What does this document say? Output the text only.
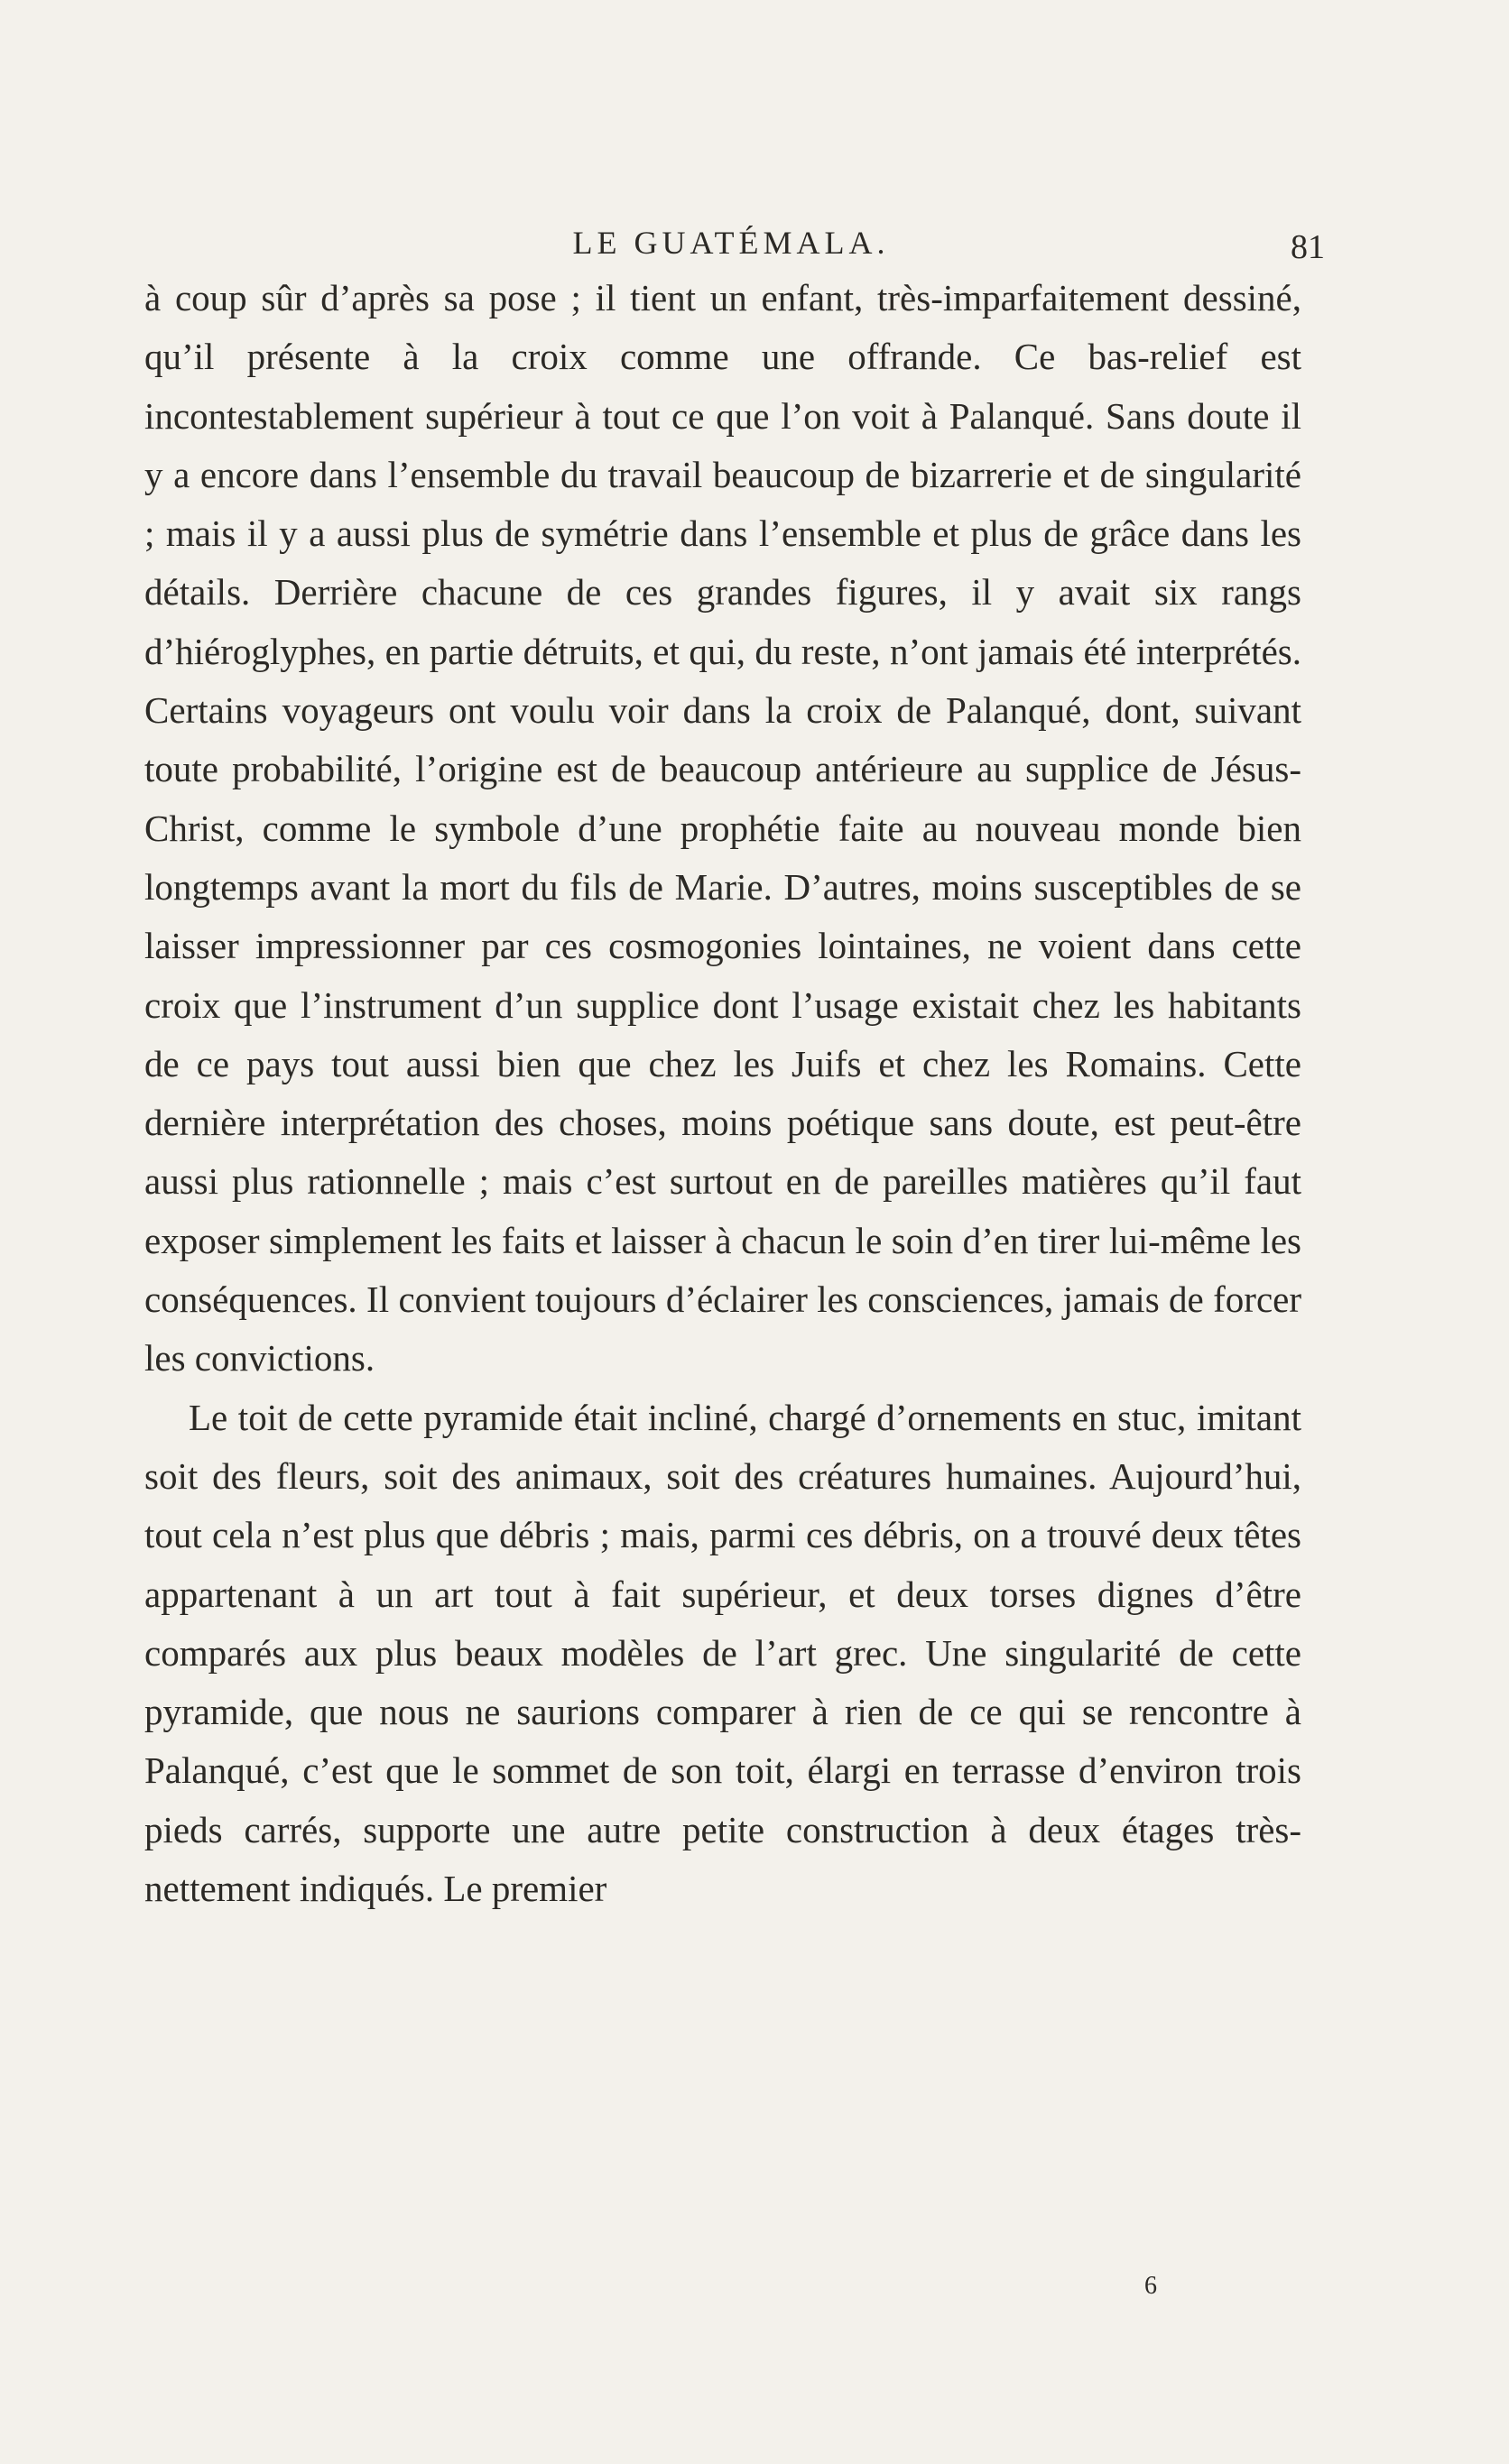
LE GUATÉMALA.	81

à coup sûr d’après sa pose ; il tient un enfant, très-imparfaitement dessiné, qu’il présente à la croix comme une offrande. Ce bas-relief est incontestablement supérieur à tout ce que l’on voit à Palanqué. Sans doute il y a encore dans l’ensemble du travail beaucoup de bizarrerie et de singularité ; mais il y a aussi plus de symétrie dans l’ensemble et plus de grâce dans les détails. Derrière chacune de ces grandes figures, il y avait six rangs d’hiéroglyphes, en partie détruits, et qui, du reste, n’ont jamais été interprétés. Certains voyageurs ont voulu voir dans la croix de Palanqué, dont, suivant toute probabilité, l’origine est de beaucoup antérieure au supplice de Jésus-Christ, comme le symbole d’une prophétie faite au nouveau monde bien longtemps avant la mort du fils de Marie. D’autres, moins susceptibles de se laisser impressionner par ces cosmogonies lointaines, ne voient dans cette croix que l’instrument d’un supplice dont l’usage existait chez les habitants de ce pays tout aussi bien que chez les Juifs et chez les Romains. Cette dernière interprétation des choses, moins poétique sans doute, est peut-être aussi plus rationnelle ; mais c’est surtout en de pareilles matières qu’il faut exposer simplement les faits et laisser à chacun le soin d’en tirer lui-même les conséquences. Il convient toujours d’éclairer les consciences, jamais de forcer les convictions.

Le toit de cette pyramide était incliné, chargé d’ornements en stuc, imitant soit des fleurs, soit des animaux, soit des créatures humaines. Aujourd’hui, tout cela n’est plus que débris ; mais, parmi ces débris, on a trouvé deux têtes appartenant à un art tout à fait supérieur, et deux torses dignes d’être comparés aux plus beaux modèles de l’art grec. Une singularité de cette pyramide, que nous ne saurions comparer à rien de ce qui se rencontre à Palanqué, c’est que le sommet de son toit, élargi en terrasse d’environ trois pieds carrés, supporte une autre petite construction à deux étages très-nettement indiqués. Le premier

6
